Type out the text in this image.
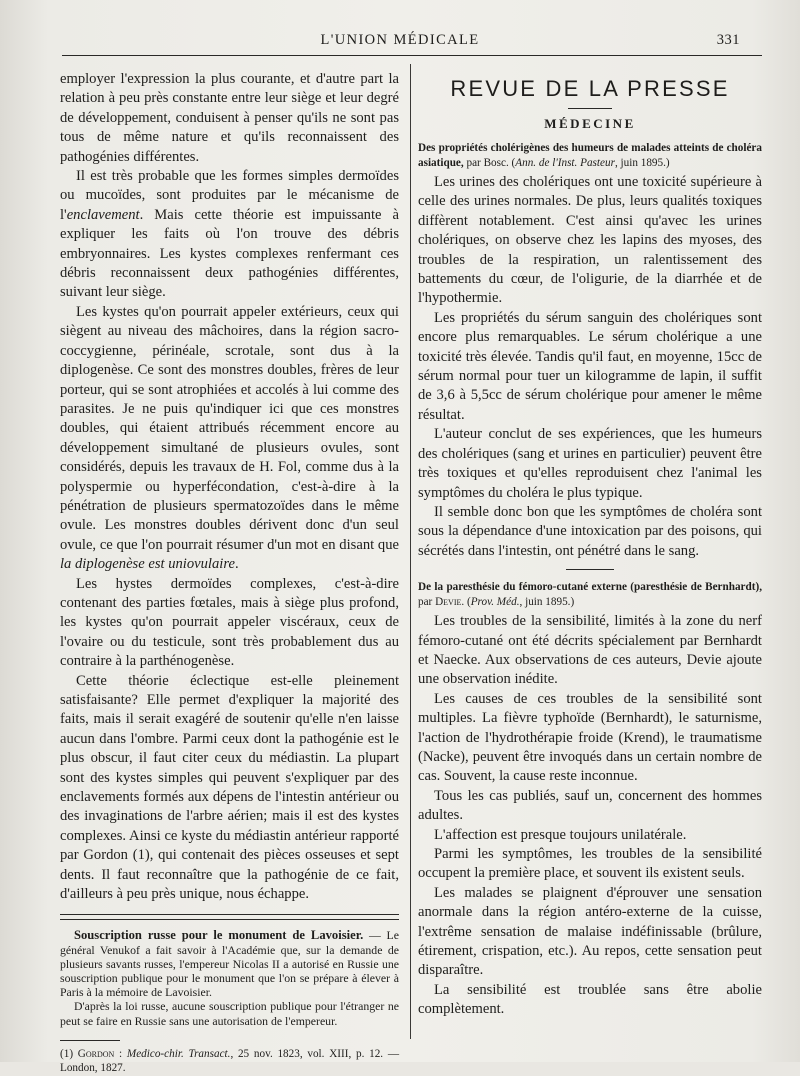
L'UNION MÉDICALE	331

employer l'expression la plus courante, et d'autre part la relation à peu près constante entre leur siège et leur degré de développement, conduisent à penser qu'ils ne sont pas tous de même nature et qu'ils reconnaissent des pathogénies différentes.

Il est très probable que les formes simples dermoïdes ou mucoïdes, sont produites par le mécanisme de l'enclavement. Mais cette théorie est impuissante à expliquer les faits où l'on trouve des débris embryonnaires. Les kystes complexes renfermant ces débris reconnaissent deux pathogénies différentes, suivant leur siège.

Les kystes qu'on pourrait appeler extérieurs, ceux qui siègent au niveau des mâchoires, dans la région sacro-coccygienne, périnéale, scrotale, sont dus à la diplogenèse. Ce sont des monstres doubles, frères de leur porteur, qui se sont atrophiées et accolés à lui comme des parasites. Je ne puis qu'indiquer ici que ces monstres doubles, qui étaient attribués récemment encore au développement simultané de plusieurs ovules, sont considérés, depuis les travaux de H. Fol, comme dus à la polyspermie ou hyperfécondation, c'est-à-dire à la pénétration de plusieurs spermatozoïdes dans le même ovule. Les monstres doubles dérivent donc d'un seul ovule, ce que l'on pourrait résumer d'un mot en disant que la diplogenèse est uniovulaire.

Les hystes dermoïdes complexes, c'est-à-dire contenant des parties fœtales, mais à siège plus profond, les kystes qu'on pourrait appeler viscéraux, ceux de l'ovaire ou du testicule, sont très probablement dus au contraire à la parthénogenèse.

Cette théorie éclectique est-elle pleinement satisfaisante? Elle permet d'expliquer la majorité des faits, mais il serait exagéré de soutenir qu'elle n'en laisse aucun dans l'ombre. Parmi ceux dont la pathogénie est le plus obscur, il faut citer ceux du médiastin. La plupart sont des kystes simples qui peuvent s'expliquer par des enclavements formés aux dépens de l'intestin antérieur ou des invaginations de l'arbre aérien; mais il est des kystes complexes. Ainsi ce kyste du médiastin antérieur rapporté par Gordon (1), qui contenait des pièces osseuses et sept dents. Il faut reconnaître que la pathogénie de ce fait, d'ailleurs à peu près unique, nous échappe.

Souscription russe pour le monument de Lavoisier. — Le général Venukof a fait savoir à l'Académie que, sur la demande de plusieurs savants russes, l'empereur Nicolas II a autorisé en Russie une souscription publique pour le monument que l'on se prépare à élever à Paris à la mémoire de Lavoisier.

D'après la loi russe, aucune souscription publique pour l'étranger ne peut se faire en Russie sans une autorisation de l'empereur.

(1) Gordon : Medico-chir. Transact., 25 nov. 1823, vol. XIII, p. 12. — London, 1827.
REVUE DE LA PRESSE
MÉDECINE

Des propriétés cholérigènes des humeurs de malades atteints de choléra asiatique, par Bosc. (Ann. de l'Inst. Pasteur, juin 1895.)

Les urines des cholériques ont une toxicité supérieure à celle des urines normales. De plus, leurs qualités toxiques diffèrent notablement. C'est ainsi qu'avec les urines cholériques, on observe chez les lapins des myoses, des troubles de la respiration, un ralentissement des battements du cœur, de l'oligurie, de la diarrhée et de l'hypothermie.

Les propriétés du sérum sanguin des cholériques sont encore plus remarquables. Le sérum cholérique a une toxicité très élevée. Tandis qu'il faut, en moyenne, 15cc de sérum normal pour tuer un kilogramme de lapin, il suffit de 3,6 à 5,5cc de sérum cholérique pour amener le même résultat.

L'auteur conclut de ses expériences, que les humeurs des cholériques (sang et urines en particulier) peuvent être très toxiques et qu'elles reproduisent chez l'animal les symptômes du choléra le plus typique.

Il semble donc bon que les symptômes de choléra sont sous la dépendance d'une intoxication par des poisons, qui sécrétés dans l'intestin, ont pénétré dans le sang.

De la paresthésie du fémoro-cutané externe (paresthésie de Bernhardt), par Devie. (Prov. Méd., juin 1895.)

Les troubles de la sensibilité, limités à la zone du nerf fémoro-cutané ont été décrits spécialement par Bernhardt et Naecke. Aux observations de ces auteurs, Devie ajoute une observation inédite.

Les causes de ces troubles de la sensibilité sont multiples. La fièvre typhoïde (Bernhardt), le saturnisme, l'action de l'hydrothérapie froide (Krend), le traumatisme (Nacke), peuvent être invoqués dans un certain nombre de cas. Souvent, la cause reste inconnue.

Tous les cas publiés, sauf un, concernent des hommes adultes.

L'affection est presque toujours unilatérale.

Parmi les symptômes, les troubles de la sensibilité occupent la première place, et souvent ils existent seuls.

Les malades se plaignent d'éprouver une sensation anormale dans la région antéro-externe de la cuisse, l'extrême sensation de malaise indéfinissable (brûlure, étirement, crispation, etc.). Au repos, cette sensation peut disparaître.

La sensibilité est troublée sans être abolie complètement.
